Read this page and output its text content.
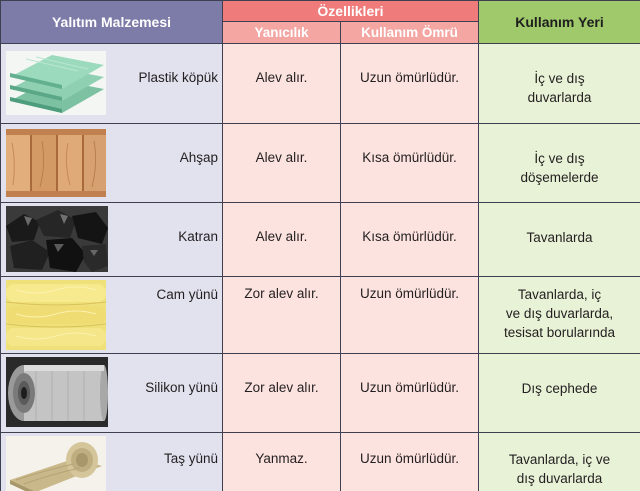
Yalıtım Malzemesi	Özellikleri		Kullanım Yeri
	Yanıcılık	Kullanım Ömrü	

Plastik köpük	Alev alır.	Uzun ömürlüdür.	İç ve dış
duvarlarda

Ahşap	Alev alır.	Kısa ömürlüdür.	İç ve dış
döşemelerde

Katran	Alev alır.	Kısa ömürlüdür.	Tavanlarda

Cam yünü	Zor alev alır.	Uzun ömürlüdür.	Tavanlarda, iç
ve dış duvarlarda,
tesisat borularında

Silikon yünü	Zor alev alır.	Uzun ömürlüdür.	Dış cephede

Taş yünü	Yanmaz.	Uzun ömürlüdür.	Tavanlarda, iç ve
dış duvarlarda
